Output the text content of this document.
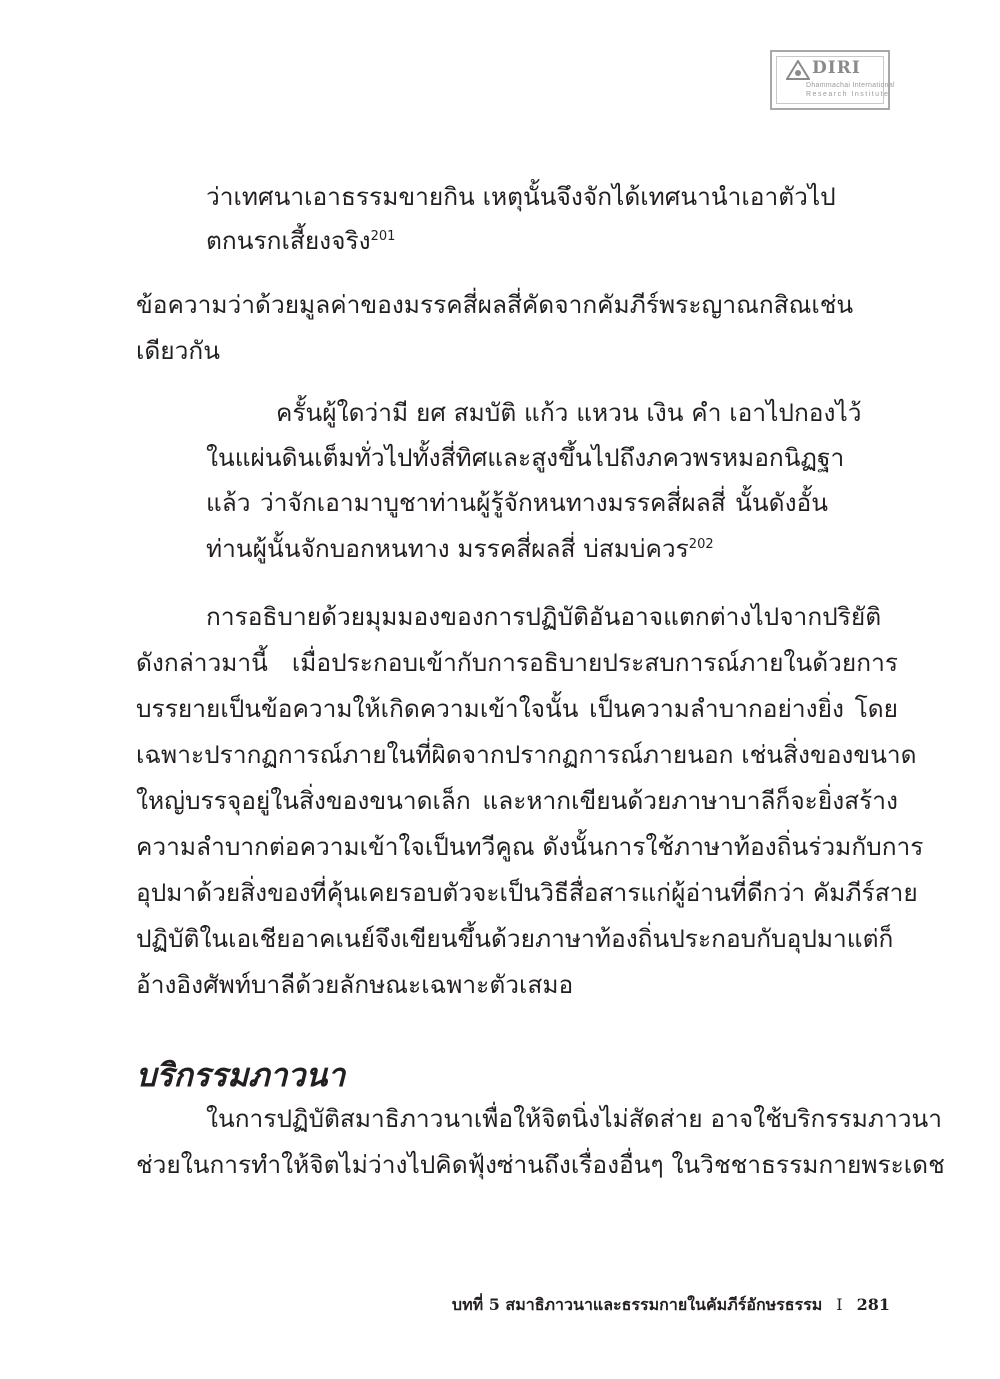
DIRI
Dhammachai International
Research Institute
ว่าเทศนาเอาธรรมขายกิน เหตุนั้นจึงจักได้เทศนานำเอาตัวไป
ตกนรกเสี้ยงจริง$^{201}$
ข้อความว่าด้วยมูลค่าของมรรคสี่ผลสี่คัดจากคัมภีร์พระญาณกสิณเช่น
เดียวกัน
ครั้นผู้ใดว่ามี ยศ สมบัติ แก้ว แหวน เงิน คำ เอาไปกองไว้
ในแผ่นดินเต็มทั่วไปทั้งสี่ทิศและสูงขึ้นไปถึงภควพรหมอกนิฏฐา
แล้ว ว่าจักเอามาบูชาท่านผู้รู้จักหนทางมรรคสี่ผลสี่ นั้นดังอั้น
ท่านผู้นั้นจักบอกหนทาง มรรคสี่ผลสี่ บ่สมบ่ควร$^{202}$
การอธิบายด้วยมุมมองของการปฏิบัติอันอาจแตกต่างไปจากปริยัติ
ดังกล่าวมานี้ เมื่อประกอบเข้ากับการอธิบายประสบการณ์ภายในด้วยการ
บรรยายเป็นข้อความให้เกิดความเข้าใจนั้น เป็นความลำบากอย่างยิ่ง โดย
เฉพาะปรากฏการณ์ภายในที่ผิดจากปรากฏการณ์ภายนอก เช่นสิ่งของขนาด
ใหญ่บรรจุอยู่ในสิ่งของขนาดเล็ก และหากเขียนด้วยภาษาบาลีก็จะยิ่งสร้าง
ความลำบากต่อความเข้าใจเป็นทวีคูณ ดังนั้นการใช้ภาษาท้องถิ่นร่วมกับการ
อุปมาด้วยสิ่งของที่คุ้นเคยรอบตัวจะเป็นวิธีสื่อสารแก่ผู้อ่านที่ดีกว่า คัมภีร์สาย
ปฏิบัติในเอเชียอาคเนย์จึงเขียนขึ้นด้วยภาษาท้องถิ่นประกอบกับอุปมาแต่ก็
อ้างอิงศัพท์บาลีด้วยลักษณะเฉพาะตัวเสมอ
บริกรรมภาวนา
ในการปฏิบัติสมาธิภาวนาเพื่อให้จิตนิ่งไม่สัดส่าย อาจใช้บริกรรมภาวนา
ช่วยในการทำให้จิตไม่ว่างไปคิดฟุ้งซ่านถึงเรื่องอื่นๆ ในวิชชาธรรมกายพระเดช
บทที่ 5 สมาธิภาวนาและธรรมกายในคัมภีร์อักษรธรรม I 281
